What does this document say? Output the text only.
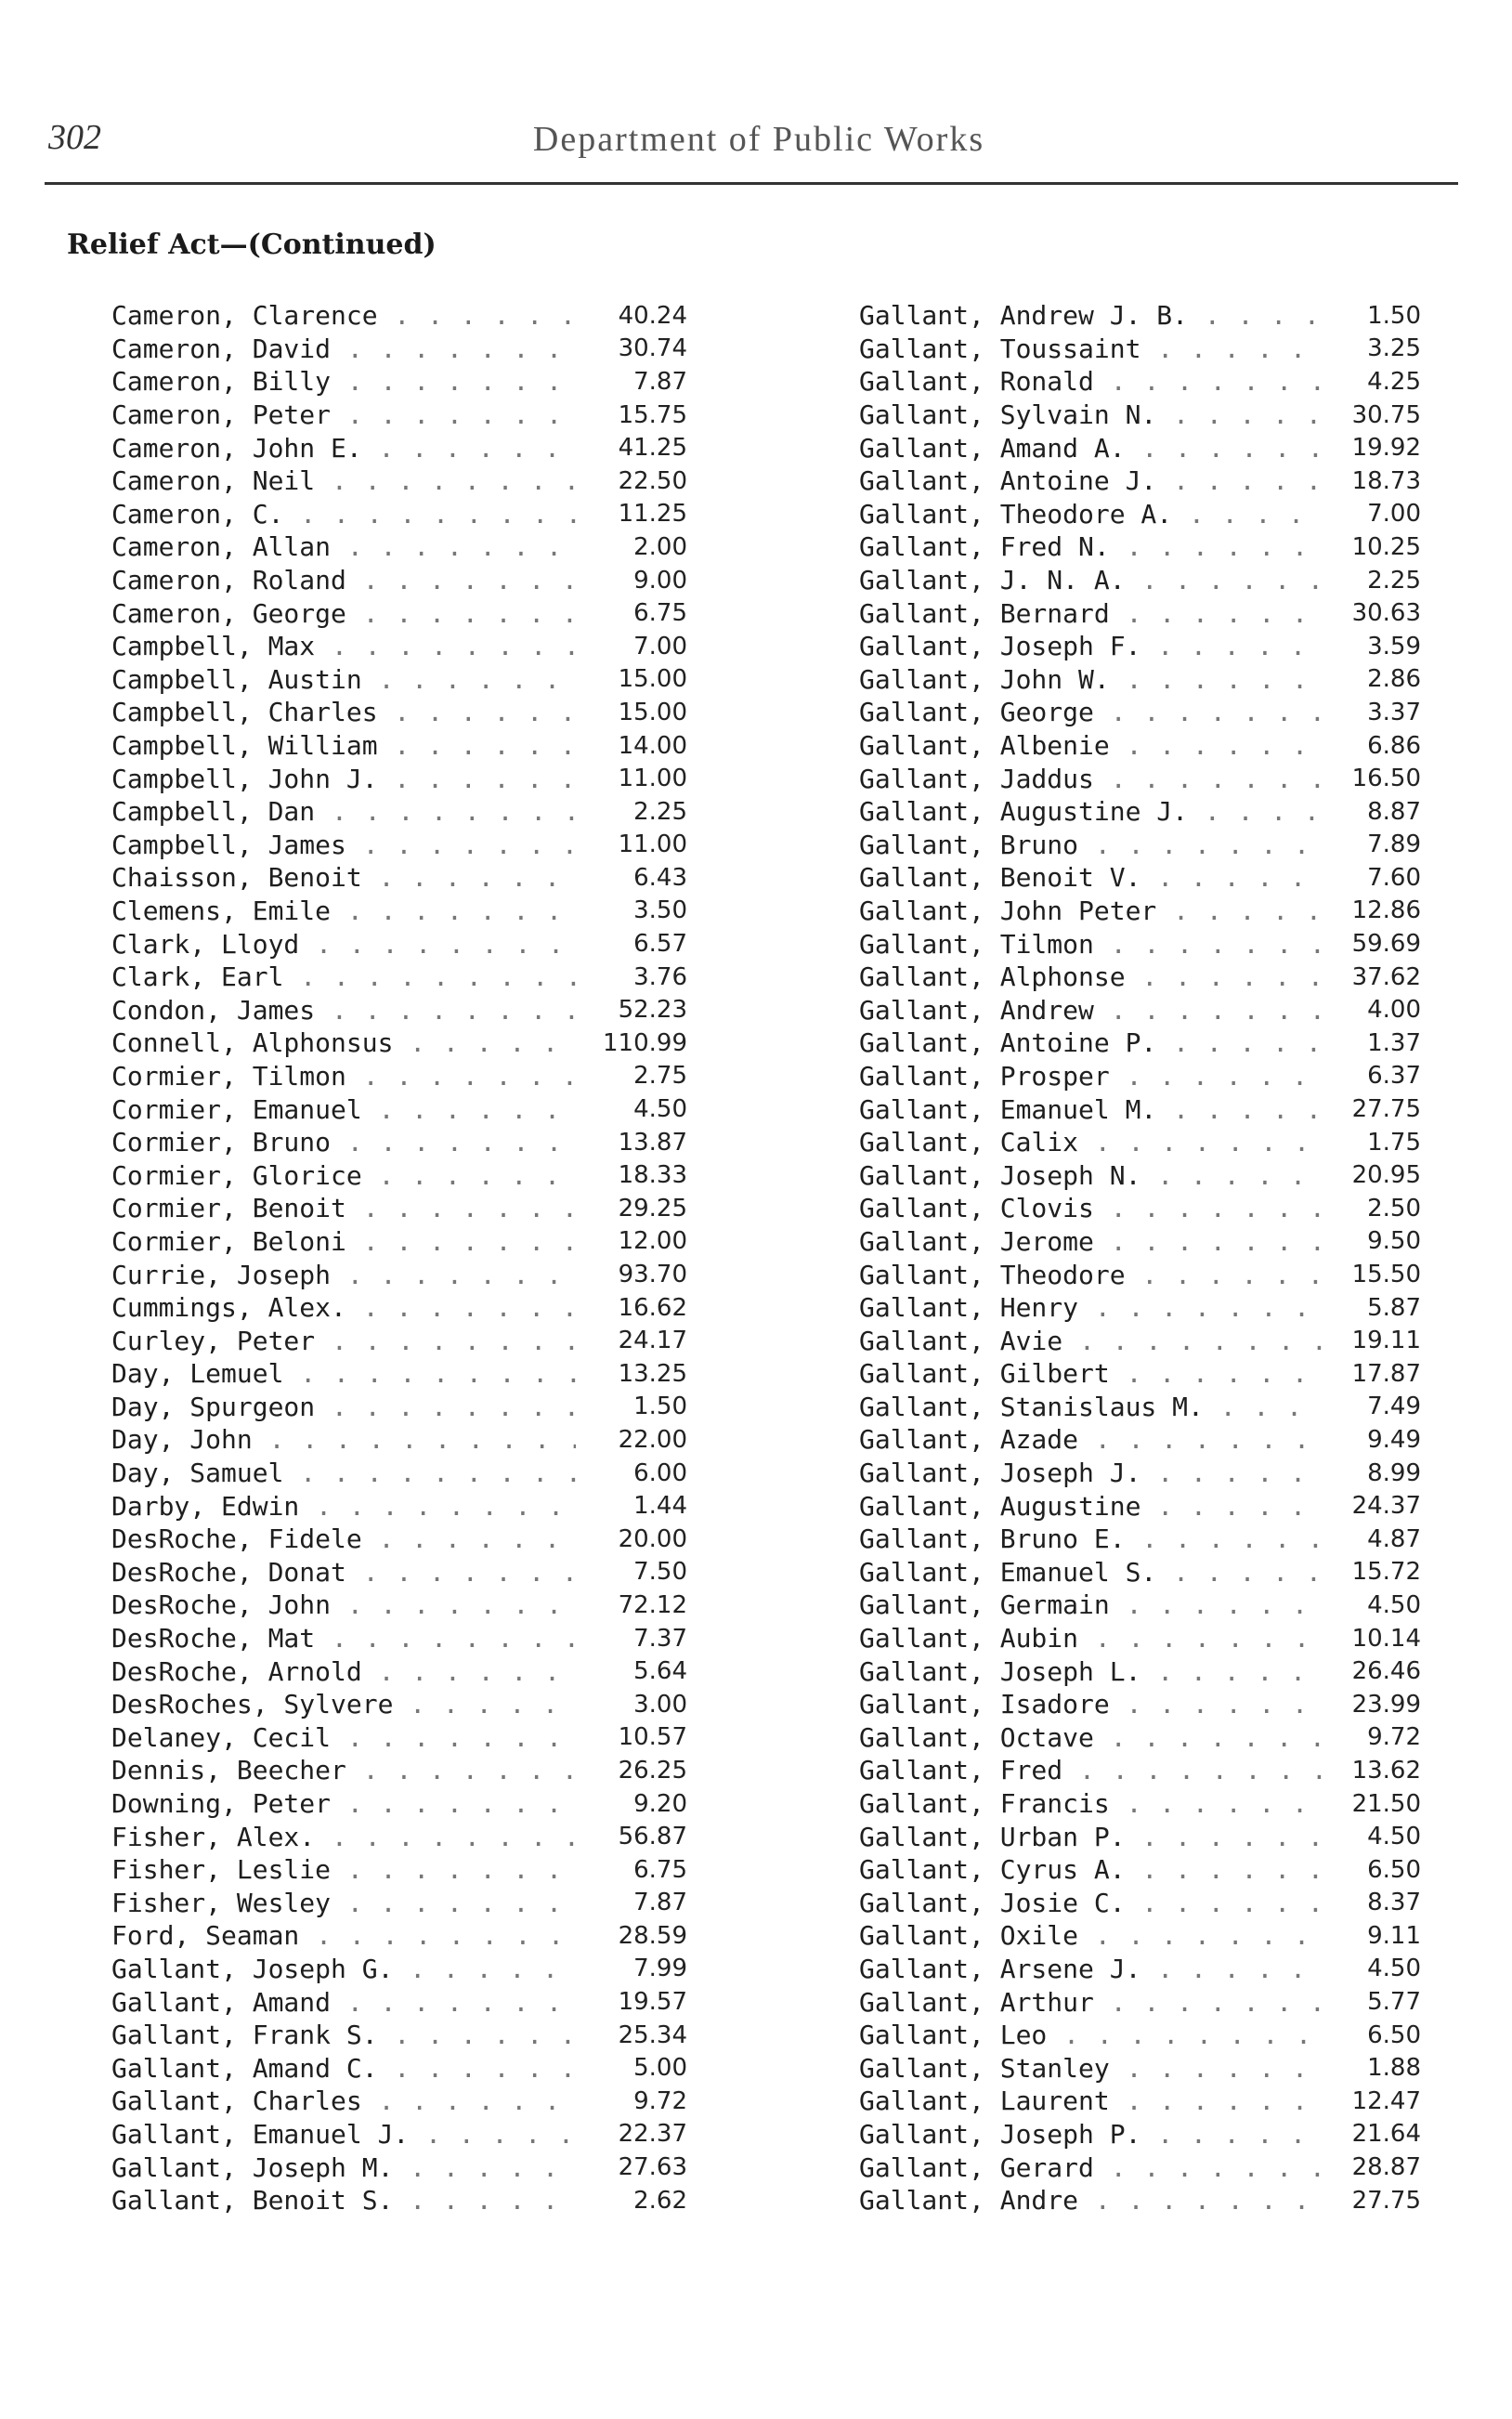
302	Department of Public Works
Relief Act—(Continued)
Cameron, Clarence . . .	40.24
Cameron, David . . .	30.74
Cameron, Billy . . .	7.87
Cameron, Peter . . .	15.75
Cameron, John E. . . .	41.25
Cameron, Neil . . .	22.50
Cameron, C. . . .	11.25
Cameron, Allan . . .	2.00
Cameron, Roland . . .	9.00
Cameron, George . . .	6.75
Campbell, Max . . .	7.00
Campbell, Austin . . .	15.00
Campbell, Charles . . .	15.00
Campbell, William . . .	14.00
Campbell, John J. . . .	11.00
Campbell, Dan . . .	2.25
Campbell, James . . .	11.00
Chaisson, Benoit . . .	6.43
Clemens, Emile . . .	3.50
Clark, Lloyd . . .	6.57
Clark, Earl . . .	3.76
Condon, James . . .	52.23
Connell, Alphonsus . . .	110.99
Cormier, Tilmon . . .	2.75
Cormier, Emanuel . . .	4.50
Cormier, Bruno . . .	13.87
Cormier, Glorice . . .	18.33
Cormier, Benoit . . .	29.25
Cormier, Beloni . . .	12.00
Currie, Joseph . . .	93.70
Cummings, Alex. . . .	16.62
Curley, Peter . . .	24.17
Day, Lemuel . . .	13.25
Day, Spurgeon . . .	1.50
Day, John . . .	22.00
Day, Samuel . . .	6.00
Darby, Edwin . . .	1.44
DesRoche, Fidele . . .	20.00
DesRoche, Donat . . .	7.50
DesRoche, John . . .	72.12
DesRoche, Mat . . .	7.37
DesRoche, Arnold . . .	5.64
DesRoches, Sylvere . . .	3.00
Delaney, Cecil . . .	10.57
Dennis, Beecher . . .	26.25
Downing, Peter . . .	9.20
Fisher, Alex. . . .	56.87
Fisher, Leslie . . .	6.75
Fisher, Wesley . . .	7.87
Ford, Seaman . . .	28.59
Gallant, Joseph G. . . .	7.99
Gallant, Amand . . .	19.57
Gallant, Frank S. . . .	25.34
Gallant, Amand C. . . .	5.00
Gallant, Charles . . .	9.72
Gallant, Emanuel J. . . .	22.37
Gallant, Joseph M. . . .	27.63
Gallant, Benoit S. . . .	2.62
Gallant, Andrew J. B. . . .	1.50
Gallant, Toussaint . . .	3.25
Gallant, Ronald . . .	4.25
Gallant, Sylvain N. . . .	30.75
Gallant, Amand A. . . .	19.92
Gallant, Antoine J. . . .	18.73
Gallant, Theodore A. . . .	7.00
Gallant, Fred N. . . .	10.25
Gallant, J. N. A. . . .	2.25
Gallant, Bernard . . .	30.63
Gallant, Joseph F. . . .	3.59
Gallant, John W. . . .	2.86
Gallant, George . . .	3.37
Gallant, Albenie . . .	6.86
Gallant, Jaddus . . .	16.50
Gallant, Augustine J. . . .	8.87
Gallant, Bruno . . .	7.89
Gallant, Benoit V. . . .	7.60
Gallant, John Peter . . .	12.86
Gallant, Tilmon . . .	59.69
Gallant, Alphonse . . .	37.62
Gallant, Andrew . . .	4.00
Gallant, Antoine P. . . .	1.37
Gallant, Prosper . . .	6.37
Gallant, Emanuel M. . . .	27.75
Gallant, Calix . . .	1.75
Gallant, Joseph N. . . .	20.95
Gallant, Clovis . . .	2.50
Gallant, Jerome . . .	9.50
Gallant, Theodore . . .	15.50
Gallant, Henry . . .	5.87
Gallant, Avie . . .	19.11
Gallant, Gilbert . . .	17.87
Gallant, Stanislaus M. . . .	7.49
Gallant, Azade . . .	9.49
Gallant, Joseph J. . . .	8.99
Gallant, Augustine . . .	24.37
Gallant, Bruno E. . . .	4.87
Gallant, Emanuel S. . . .	15.72
Gallant, Germain . . .	4.50
Gallant, Aubin . . .	10.14
Gallant, Joseph L. . . .	26.46
Gallant, Isadore . . .	23.99
Gallant, Octave . . .	9.72
Gallant, Fred . . .	13.62
Gallant, Francis . . .	21.50
Gallant, Urban P. . . .	4.50
Gallant, Cyrus A. . . .	6.50
Gallant, Josie C. . . .	8.37
Gallant, Oxile . . .	9.11
Gallant, Arsene J. . . .	4.50
Gallant, Arthur . . .	5.77
Gallant, Leo . . .	6.50
Gallant, Stanley . . .	1.88
Gallant, Laurent . . .	12.47
Gallant, Joseph P. . . .	21.64
Gallant, Gerard . . .	28.87
Gallant, Andre . . .	27.75
